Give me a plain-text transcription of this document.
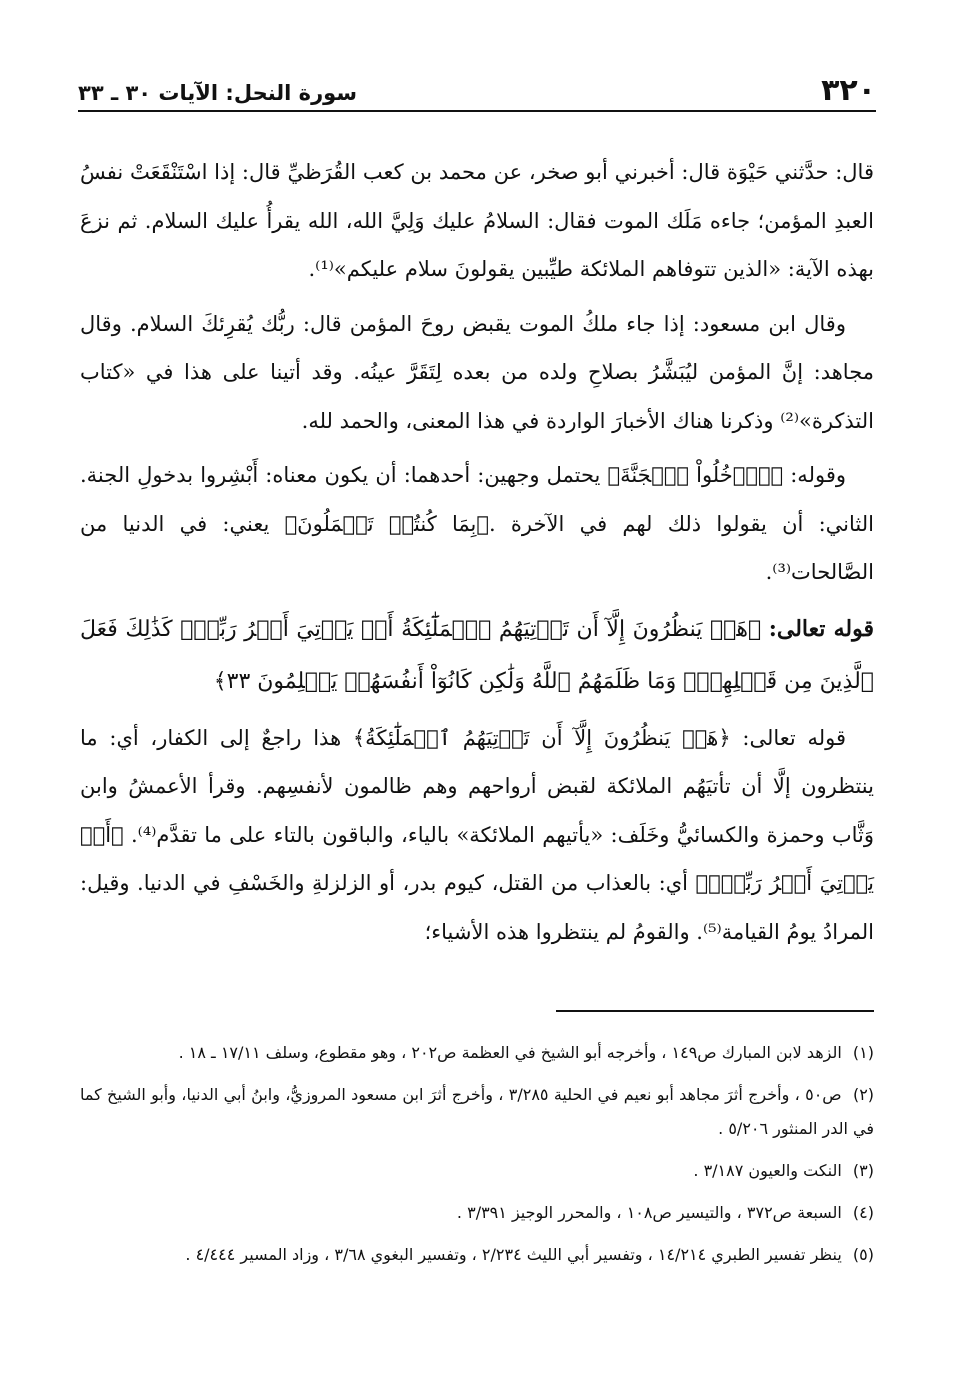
٣٢٠
سورة النحل: الآيات ٣٠ ـ ٣٣

قال: حدَّثني حَيْوَة قال: أخبرني أبو صخر، عن محمد بن كعب القُرَظيِّ قال: إذا اسْتَنْقَعَتْ نفسُ العبدِ المؤمن؛ جاءه مَلَك الموت فقال: السلامُ عليك وَلِيَّ الله، الله يقرأُ عليك السلام. ثم نزعَ بهذه الآية: «الذين تتوفاهم الملائكة طيِّبين يقولونَ سلام عليكم»⁽¹⁾.

وقال ابن مسعود: إذا جاء ملكُ الموت يقبض روحَ المؤمن قال: ربُّك يُقرِئكَ السلام. وقال مجاهد: إنَّ المؤمن ليُبَشَّرُ بصلاحِ ولده من بعده لِتَقَرَّ عينُه. وقد أتينا على هذا في «كتاب التذكرة»⁽²⁾ وذكرنا هناك الأخبارَ الواردة في هذا المعنى، والحمد لله.

وقوله: ﴿ٱدۡخُلُواْ ٱلۡجَنَّةَ﴾ يحتمل وجهين: أحدهما: أن يكون معناه: أَبْشِروا بدخولِ الجنة. الثاني: أن يقولوا ذلك لهم في الآخرة .﴿بِمَا كُنتُمۡ تَعۡمَلُونَ﴾ يعني: في الدنيا من الصَّالحات⁽³⁾.

قوله تعالى: ﴿هَلۡ يَنظُرُونَ إِلَّآ أَن تَأۡتِيَهُمُ ٱلۡمَلَٰٓئِكَةُ أَوۡ يَأۡتِيَ أَمۡرُ رَبِّكَۚ كَذَٰلِكَ فَعَلَ ٱلَّذِينَ مِن قَبۡلِهِمۡۚ وَمَا ظَلَمَهُمُ ٱللَّهُ وَلَٰكِن كَانُوٓاْ أَنفُسَهُمۡ يَظۡلِمُونَ ٣٣﴾

قوله تعالى: ﴿هَلۡ يَنظُرُونَ إِلَّآ أَن تَأۡتِيَهُمُ ٱلۡمَلَٰٓئِكَةُ﴾ هذا راجعٌ إلى الكفار، أي: ما ينتظرون إلَّا أن تأتيَهُم الملائكة لقبض أرواحهم وهم ظالمون لأنفسِهم. وقرأ الأعمشُ وابن وَثَّاب وحمزة والكسائيُّ وخَلَف: «يأتيهم الملائكة» بالياء، والباقون بالتاء على ما تقدَّم⁽⁴⁾. ﴿أَوۡ يَأۡتِيَ أَمۡرُ رَبِّكَۚ﴾ أي: بالعذاب من القتل، كيوم بدر، أو الزلزلةِ والخَسْفِ في الدنيا. وقيل: المرادُ يومُ القيامة⁽⁵⁾. والقومُ لم ينتظروا هذه الأشياء؛

(١) الزهد لابن المبارك ص١٤٩ ، وأخرجه أبو الشيخ في العظمة ص٢٠٢ ، وهو مقطوع، وسلف ١٧/١١ ـ ١٨ .

(٢) ص٥٠ ، وأخرج أثرَ مجاهد أبو نعيم في الحلية ٣/٢٨٥ ، وأخرج أثرَ ابن مسعود المروزيُّ، وابنُ أبي الدنيا، وأبو الشيخ كما في الدر المنثور ٥/٢٠٦ .

(٣) النكت والعيون ٣/١٨٧ .

(٤) السبعة ص٣٧٢ ، والتيسير ص١٠٨ ، والمحرر الوجيز ٣/٣٩١ .

(٥) ينظر تفسير الطبري ١٤/٢١٤ ، وتفسير أبي الليث ٢/٢٣٤ ، وتفسير البغوي ٣/٦٨ ، وزاد المسير ٤/٤٤٤ .
